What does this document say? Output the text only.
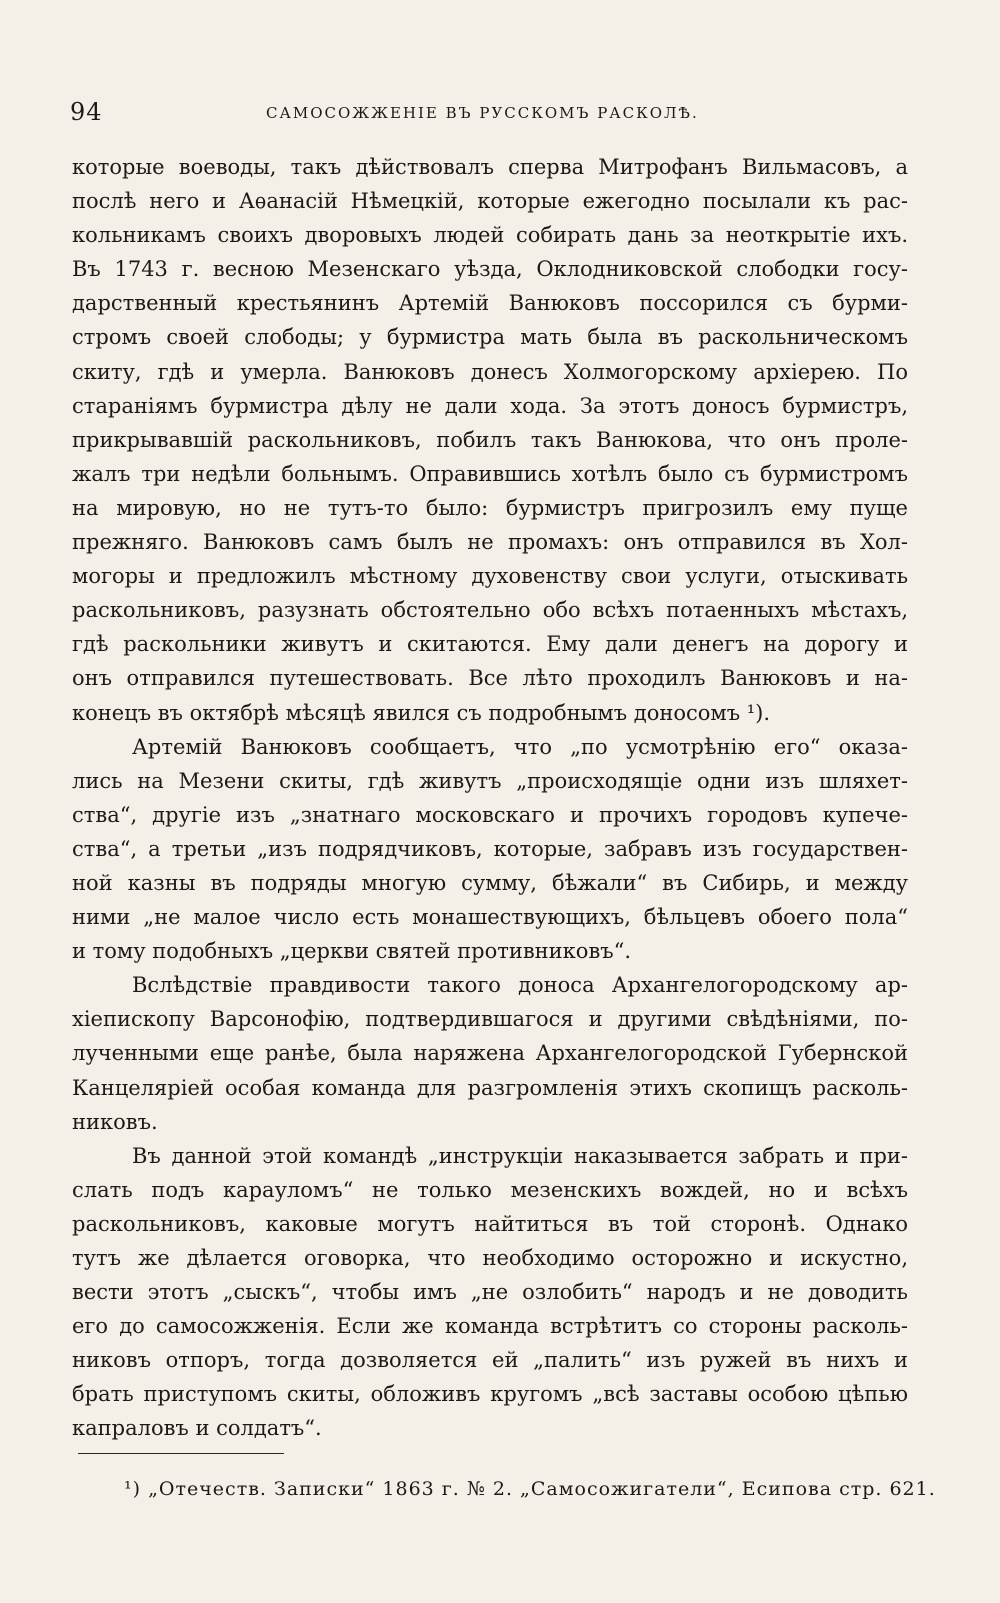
94	САМОСОЖЖЕНІЕ ВЪ РУССКОМЪ РАСКОЛѢ.
которые воеводы, такъ дѣйствовалъ сперва Митрофанъ Вильмасовъ, а
послѣ него и Аѳанасій Нѣмецкій, которые ежегодно посылали къ рас-
кольникамъ своихъ дворовыхъ людей собирать дань за неоткрытіе ихъ.
Въ 1743 г. весною Мезенскаго уѣзда, Оклодниковской слободки госу-
дарственный крестьянинъ Артемій Ванюковъ поссорился съ бурми-
стромъ своей слободы; у бурмистра мать была въ раскольническомъ
скиту, гдѣ и умерла. Ванюковъ донесъ Холмогорскому архіерею. По
стараніямъ бурмистра дѣлу не дали хода. За этотъ доносъ бурмистръ,
прикрывавшій раскольниковъ, побилъ такъ Ванюкова, что онъ проле-
жалъ три недѣли больнымъ. Оправившись хотѣлъ было съ бурмистромъ
на мировую, но не тутъ-то было: бурмистръ пригрозилъ ему пуще
прежняго. Ванюковъ самъ былъ не промахъ: онъ отправился въ Хол-
могоры и предложилъ мѣстному духовенству свои услуги, отыскивать
раскольниковъ, разузнать обстоятельно обо всѣхъ потаенныхъ мѣстахъ,
гдѣ раскольники живутъ и скитаются. Ему дали денегъ на дорогу и
онъ отправился путешествовать. Все лѣто проходилъ Ванюковъ и на-
конецъ въ октябрѣ мѣсяцѣ явился съ подробнымъ доносомъ ¹).
Артемій Ванюковъ сообщаетъ, что „по усмотрѣнію его“ оказа-
лись на Мезени скиты, гдѣ живутъ „происходящіе одни изъ шляхет-
ства“, другіе изъ „знатнаго московскаго и прочихъ городовъ купече-
ства“, а третьи „изъ подрядчиковъ, которые, забравъ изъ государствен-
ной казны въ подряды многую сумму, бѣжали“ въ Сибирь, и между
ними „не малое число есть монашествующихъ, бѣльцевъ обоего пола“
и тому подобныхъ „церкви святей противниковъ“.
Вслѣдствіе правдивости такого доноса Архангелогородскому ар-
хіепископу Варсонофію, подтвердившагося и другими свѣдѣніями, по-
лученными еще ранѣе, была наряжена Архангелогородской Губернской
Канцеляріей особая команда для разгромленія этихъ скопищъ расколь-
никовъ.
Въ данной этой командѣ „инструкціи наказывается забрать и при-
слать подъ карауломъ“ не только мезенскихъ вождей, но и всѣхъ
раскольниковъ, каковые могутъ найтиться въ той сторонѣ. Однако
тутъ же дѣлается оговорка, что необходимо осторожно и искустно,
вести этотъ „сыскъ“, чтобы имъ „не озлобить“ народъ и не доводить
его до самосожженія. Если же команда встрѣтитъ со стороны расколь-
никовъ отпоръ, тогда дозволяется ей „палить“ изъ ружей въ нихъ и
брать приступомъ скиты, обложивъ кругомъ „всѣ заставы особою цѣпью
капраловъ и солдатъ“.
¹) „Отечеств. Записки“ 1863 г. № 2. „Самосожигатели“, Есипова стр. 621.
